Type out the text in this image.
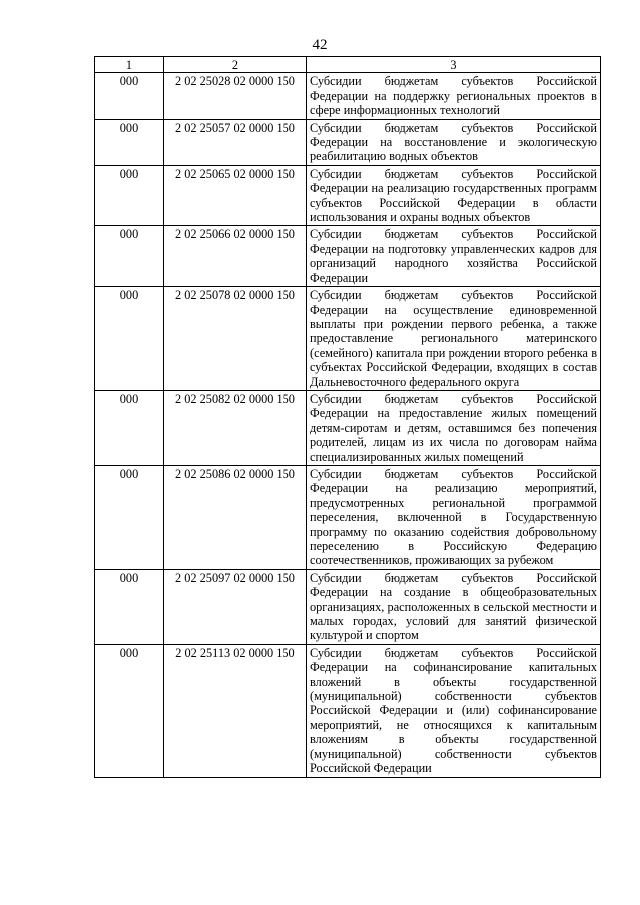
42
1	2	3
000	2 02 25028 02 0000 150	Субсидии бюджетам субъектов Российской Федерации на поддержку региональных проектов в сфере информационных технологий
000	2 02 25057 02 0000 150	Субсидии бюджетам субъектов Российской Федерации на восстановление и экологическую реабилитацию водных объектов
000	2 02 25065 02 0000 150	Субсидии бюджетам субъектов Российской Федерации на реализацию государственных программ субъектов Российской Федерации в области использования и охраны водных объектов
000	2 02 25066 02 0000 150	Субсидии бюджетам субъектов Российской Федерации на подготовку управленческих кадров для организаций народного хозяйства Российской Федерации
000	2 02 25078 02 0000 150	Субсидии бюджетам субъектов Российской Федерации на осуществление единовременной выплаты при рождении первого ребенка, а также предоставление регионального материнского (семейного) капитала при рождении второго ребенка в субъектах Российской Федерации, входящих в состав Дальневосточного федерального округа
000	2 02 25082 02 0000 150	Субсидии бюджетам субъектов Российской Федерации на предоставление жилых помещений детям-сиротам и детям, оставшимся без попечения родителей, лицам из их числа по договорам найма специализированных жилых помещений
000	2 02 25086 02 0000 150	Субсидии бюджетам субъектов Российской Федерации на реализацию мероприятий, предусмотренных региональной программой переселения, включенной в Государственную программу по оказанию содействия добровольному переселению в Российскую Федерацию соотечественников, проживающих за рубежом
000	2 02 25097 02 0000 150	Субсидии бюджетам субъектов Российской Федерации на создание в общеобразовательных организациях, расположенных в сельской местности и малых городах, условий для занятий физической культурой и спортом
000	2 02 25113 02 0000 150	Субсидии бюджетам субъектов Российской Федерации на софинансирование капитальных вложений в объекты государственной (муниципальной) собственности субъектов Российской Федерации и (или) софинансирование мероприятий, не относящихся к капитальным вложениям в объекты государственной (муниципальной) собственности субъектов Российской Федерации
